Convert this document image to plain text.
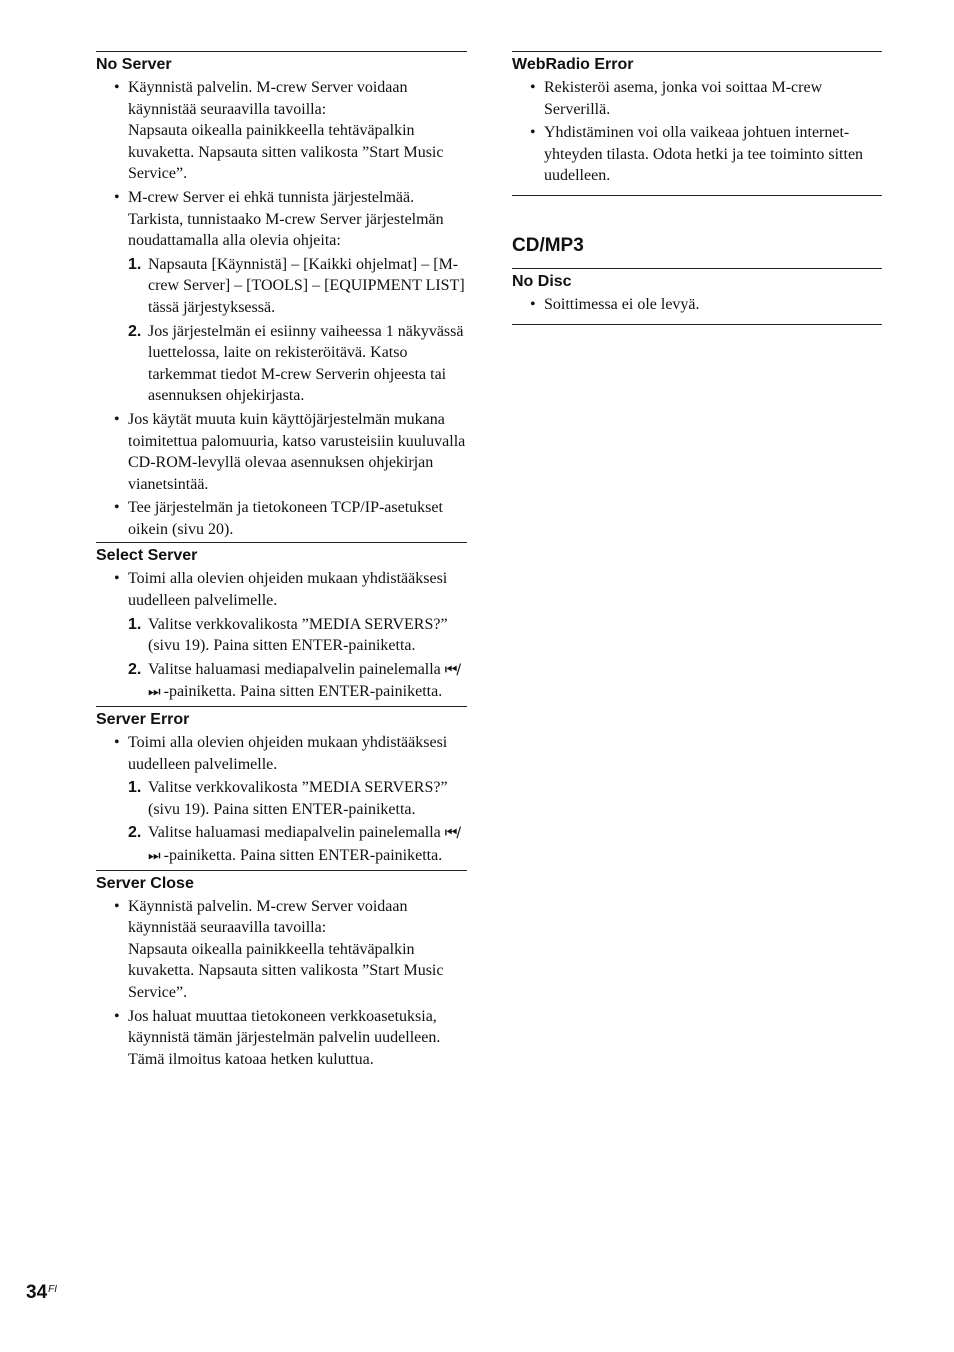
No Server
• Käynnistä palvelin. M-crew Server voidaan käynnistää seuraavilla tavoilla:
Napsauta oikealla painikkeella tehtäväpalkin kuvaketta. Napsauta sitten valikosta ”Start Music Service”.
• M-crew Server ei ehkä tunnista järjestelmää. Tarkista, tunnistaako M-crew Server järjestelmän noudattamalla alla olevia ohjeita:
1. Napsauta [Käynnistä] – [Kaikki ohjelmat] – [M-crew Server] – [TOOLS] – [EQUIPMENT LIST] tässä järjestyksessä.
2. Jos järjestelmän ei esiinny vaiheessa 1 näkyvässä luettelossa, laite on rekisteröitävä. Katso tarkemmat tiedot M-crew Serverin ohjeesta tai asennuksen ohjekirjasta.
• Jos käytät muuta kuin käyttöjärjestelmän mukana toimitettua palomuuria, katso varusteisiin kuuluvalla CD-ROM-levyllä olevaa asennuksen ohjekirjan vianetsintää.
• Tee järjestelmän ja tietokoneen TCP/IP-asetukset oikein (sivu 20).
Select Server
• Toimi alla olevien ohjeiden mukaan yhdistääksesi uudelleen palvelimelle.
1. Valitse verkkovalikosta ”MEDIA SERVERS?” (sivu 19). Paina sitten ENTER-painiketta.
2. Valitse haluamasi mediapalvelin painelemalla ⏮/⏭ -painiketta. Paina sitten ENTER-painiketta.
Server Error
• Toimi alla olevien ohjeiden mukaan yhdistääksesi uudelleen palvelimelle.
1. Valitse verkkovalikosta ”MEDIA SERVERS?” (sivu 19). Paina sitten ENTER-painiketta.
2. Valitse haluamasi mediapalvelin painelemalla ⏮/⏭ -painiketta. Paina sitten ENTER-painiketta.
Server Close
• Käynnistä palvelin. M-crew Server voidaan käynnistää seuraavilla tavoilla:
Napsauta oikealla painikkeella tehtäväpalkin kuvaketta. Napsauta sitten valikosta ”Start Music Service”.
• Jos haluat muuttaa tietokoneen verkkoasetuksia, käynnistä tämän järjestelmän palvelin uudelleen. Tämä ilmoitus katoaa hetken kuluttua.
WebRadio Error
• Rekisteröi asema, jonka voi soittaa M-crew Serverillä.
• Yhdistäminen voi olla vaikeaa johtuen internet-yhteyden tilasta. Odota hetki ja tee toiminto sitten uudelleen.
CD/MP3
No Disc
• Soittimessa ei ole levyä.
$34^{FI}$
